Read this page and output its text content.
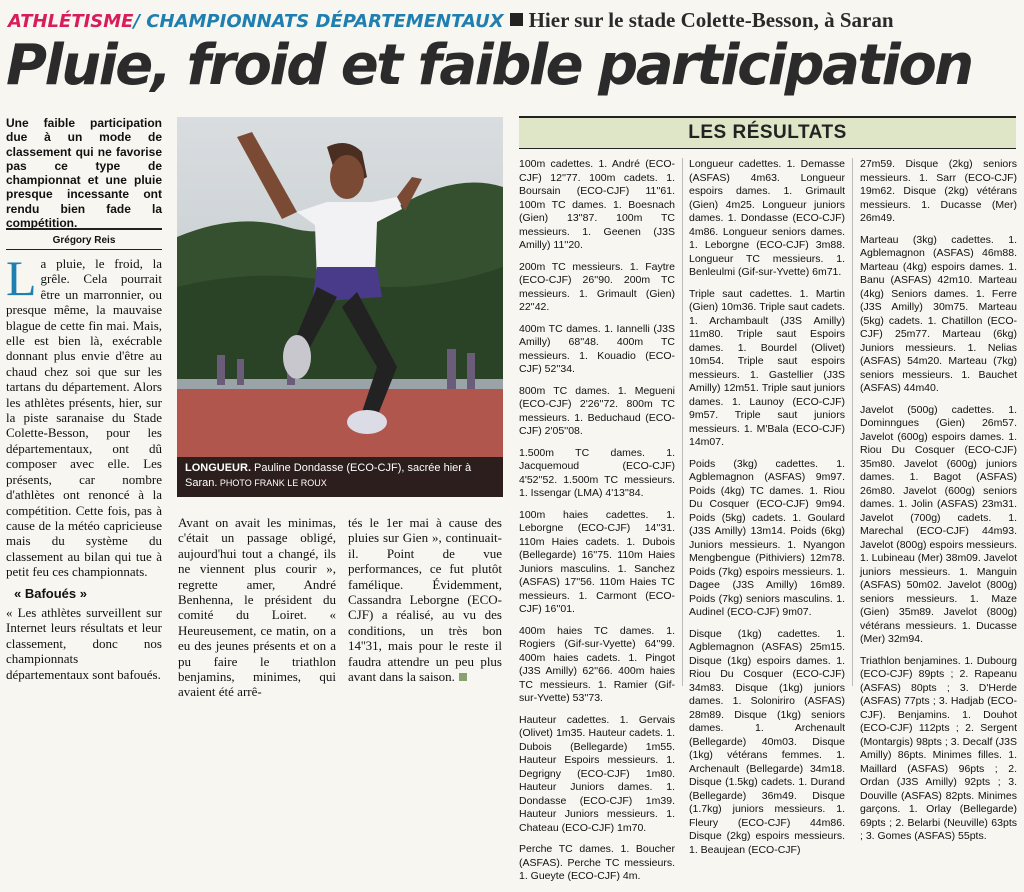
ATHLÉTISME/ CHAMPIONNATS DÉPARTEMENTAUX Hier sur le stade Colette-Besson, à Saran
Pluie, froid et faible participation
Une faible participation due à un mode de classement qui ne favorise pas ce type de championnat et une pluie presque incessante ont rendu bien fade la compétition.
Grégory Reis

La pluie, le froid, la grêle. Cela pourrait être un marronnier, ou presque même, la mauvaise blague de cette fin mai. Mais, elle est bien là, exécrable donnant plus envie d'être au chaud chez soi que sur les tartans du département. Alors les athlètes présents, hier, sur la piste saranaise du Stade Colette-Besson, pour les départementaux, ont dû composer avec elle. Les présents, car nombre d'athlètes ont renoncé à la compétition. Cette fois, pas à cause de la météo capricieuse mais du système du classement au bilan qui tue à petit feu ces championnats.

« Bafoués »

« Les athlètes surveillent sur Internet leurs résultats et leur classement, donc nos championnats départementaux sont bafoués.

LONGUEUR. Pauline Dondasse (ECO-CJF), sacrée hier à Saran. PHOTO FRANK LE ROUX

Avant on avait les minimas, c'était un passage obligé, aujourd'hui tout a changé, ils ne viennent plus courir », regrette amer, André Benhenna, le président du comité du Loiret. « Heureusement, ce matin, on a eu des jeunes présents et on a pu faire le triathlon benjamins, minimes, qui avaient été arrê-

tés le 1er mai à cause des pluies sur Gien », continuait-il. Point de vue performances, ce fut plutôt famélique. Évidemment, Cassandra Leborgne (ECO-CJF) a réalisé, au vu des conditions, un très bon 14''31, mais pour le reste il faudra attendre un peu plus avant dans la saison.

LES RÉSULTATS

100m cadettes. 1. André (ECO-CJF) 12''77. 100m cadets. 1. Boursain (ECO-CJF) 11''61. 100m TC dames. 1. Boesnach (Gien) 13''87. 100m TC messieurs. 1. Geenen (J3S Amilly) 11''20.

200m TC messieurs. 1. Faytre (ECO-CJF) 26''90. 200m TC messieurs. 1. Grimault (Gien) 22''42.

400m TC dames. 1. Iannelli (J3S Amilly) 68''48. 400m TC messieurs. 1. Kouadio (ECO-CJF) 52''34.

800m TC dames. 1. Megueni (ECO-CJF) 2'26''72. 800m TC messieurs. 1. Beduchaud (ECO-CJF) 2'05''08.

1.500m TC dames. 1. Jacquemoud (ECO-CJF) 4'52''52. 1.500m TC messieurs. 1. Issengar (LMA) 4'13''84.

100m haies cadettes. 1. Leborgne (ECO-CJF) 14''31. 110m Haies cadets. 1. Dubois (Bellegarde) 16''75. 110m Haies Juniors masculins. 1. Sanchez (ASFAS) 17''56. 110m Haies TC messieurs. 1. Carmont (ECO-CJF) 16''01.

400m haies TC dames. 1. Rogiers (Gif-sur-Vyette) 64''99. 400m haies cadets. 1. Pingot (J3S Amilly) 62''66. 400m haies TC messieurs. 1. Ramier (Gif-sur-Yvette) 53''73.

Hauteur cadettes. 1. Gervais (Olivet) 1m35. Hauteur cadets. 1. Dubois (Bellegarde) 1m55. Hauteur Espoirs messieurs. 1. Degrigny (ECO-CJF) 1m80. Hauteur Juniors dames. 1. Dondasse (ECO-CJF) 1m39. Hauteur Juniors messieurs. 1. Chateau (ECO-CJF) 1m70.

Perche TC dames. 1. Boucher (ASFAS). Perche TC messieurs. 1. Gueyte (ECO-CJF) 4m.

Longueur cadettes. 1. Demasse (ASFAS) 4m63. Longueur espoirs dames. 1. Grimault (Gien) 4m25. Longueur juniors dames. 1. Dondasse (ECO-CJF) 4m86. Longueur seniors dames. 1. Leborgne (ECO-CJF) 3m88. Longueur TC messieurs. 1. Benleulmi (Gif-sur-Yvette) 6m71.

Triple saut cadettes. 1. Martin (Gien) 10m36. Triple saut cadets. 1. Archambault (J3S Amilly) 11m80. Triple saut Espoirs dames. 1. Bourdel (Olivet) 10m54. Triple saut espoirs messieurs. 1. Gastellier (J3S Amilly) 12m51. Triple saut juniors dames. 1. Launoy (ECO-CJF) 9m57. Triple saut juniors messieurs. 1. M'Bala (ECO-CJF) 14m07.

Poids (3kg) cadettes. 1. Agblemagnon (ASFAS) 9m97. Poids (4kg) TC dames. 1. Riou Du Cosquer (ECO-CJF) 9m94. Poids (5kg) cadets. 1. Goulard (J3S Amilly) 13m14. Poids (6kg) Juniors messieurs. 1. Nyangon Mengbengue (Pithiviers) 12m78. Poids (7kg) espoirs messieurs. 1. Dagee (J3S Amilly) 16m89. Poids (7kg) seniors masculins. 1. Audinel (ECO-CJF) 9m07.

Disque (1kg) cadettes. 1. Agblemagnon (ASFAS) 25m15. Disque (1kg) espoirs dames. 1. Riou Du Cosquer (ECO-CJF) 34m83. Disque (1kg) juniors dames. 1. Soloniriro (ASFAS) 28m89. Disque (1kg) seniors dames. 1. Archenault (Bellegarde) 40m03. Disque (1kg) vétérans femmes. 1. Archenault (Bellegarde) 34m18. Disque (1.5kg) cadets. 1. Durand (Bellegarde) 36m49. Disque (1.7kg) juniors messieurs. 1. Fleury (ECO-CJF) 44m86. Disque (2kg) espoirs messieurs. 1. Beaujean (ECO-CJF)

27m59. Disque (2kg) seniors messieurs. 1. Sarr (ECO-CJF) 19m62. Disque (2kg) vétérans messieurs. 1. Ducasse (Mer) 26m49.

Marteau (3kg) cadettes. 1. Agblemagnon (ASFAS) 46m88. Marteau (4kg) espoirs dames. 1. Banu (ASFAS) 42m10. Marteau (4kg) Seniors dames. 1. Ferre (J3S Amilly) 30m75. Marteau (5kg) cadets. 1. Chatillon (ECO-CJF) 25m77. Marteau (6kg) Juniors messieurs. 1. Nelias (ASFAS) 54m20. Marteau (7kg) seniors messieurs. 1. Bauchet (ASFAS) 44m40.

Javelot (500g) cadettes. 1. Dominngues (Gien) 26m57. Javelot (600g) espoirs dames. 1. Riou Du Cosquer (ECO-CJF) 35m80. Javelot (600g) juniors dames. 1. Bagot (ASFAS) 26m80. Javelot (600g) seniors dames. 1. Jolin (ASFAS) 23m31. Javelot (700g) cadets. 1. Marechal (ECO-CJF) 44m93. Javelot (800g) espoirs messieurs. 1. Lubineau (Mer) 38m09. Javelot juniors messieurs. 1. Manguin (ASFAS) 50m02. Javelot (800g) seniors messieurs. 1. Maze (Gien) 35m89. Javelot (800g) vétérans messieurs. 1. Ducasse (Mer) 32m94.

Triathlon benjamines. 1. Dubourg (ECO-CJF) 89pts ; 2. Rapeanu (ASFAS) 80pts ; 3. D'Herde (ASFAS) 77pts ; 3. Hadjab (ECO-CJF). Benjamins. 1. Douhot (ECO-CJF) 112pts ; 2. Sergent (Montargis) 98pts ; 3. Decalf (J3S Amilly) 86pts. Minimes filles. 1. Maillard (ASFAS) 96pts ; 2. Ordan (J3S Amilly) 92pts ; 3. Douville (ASFAS) 82pts. Minimes garçons. 1. Orlay (Bellegarde) 69pts ; 2. Belarbi (Neuville) 63pts ; 3. Gomes (ASFAS) 55pts.
